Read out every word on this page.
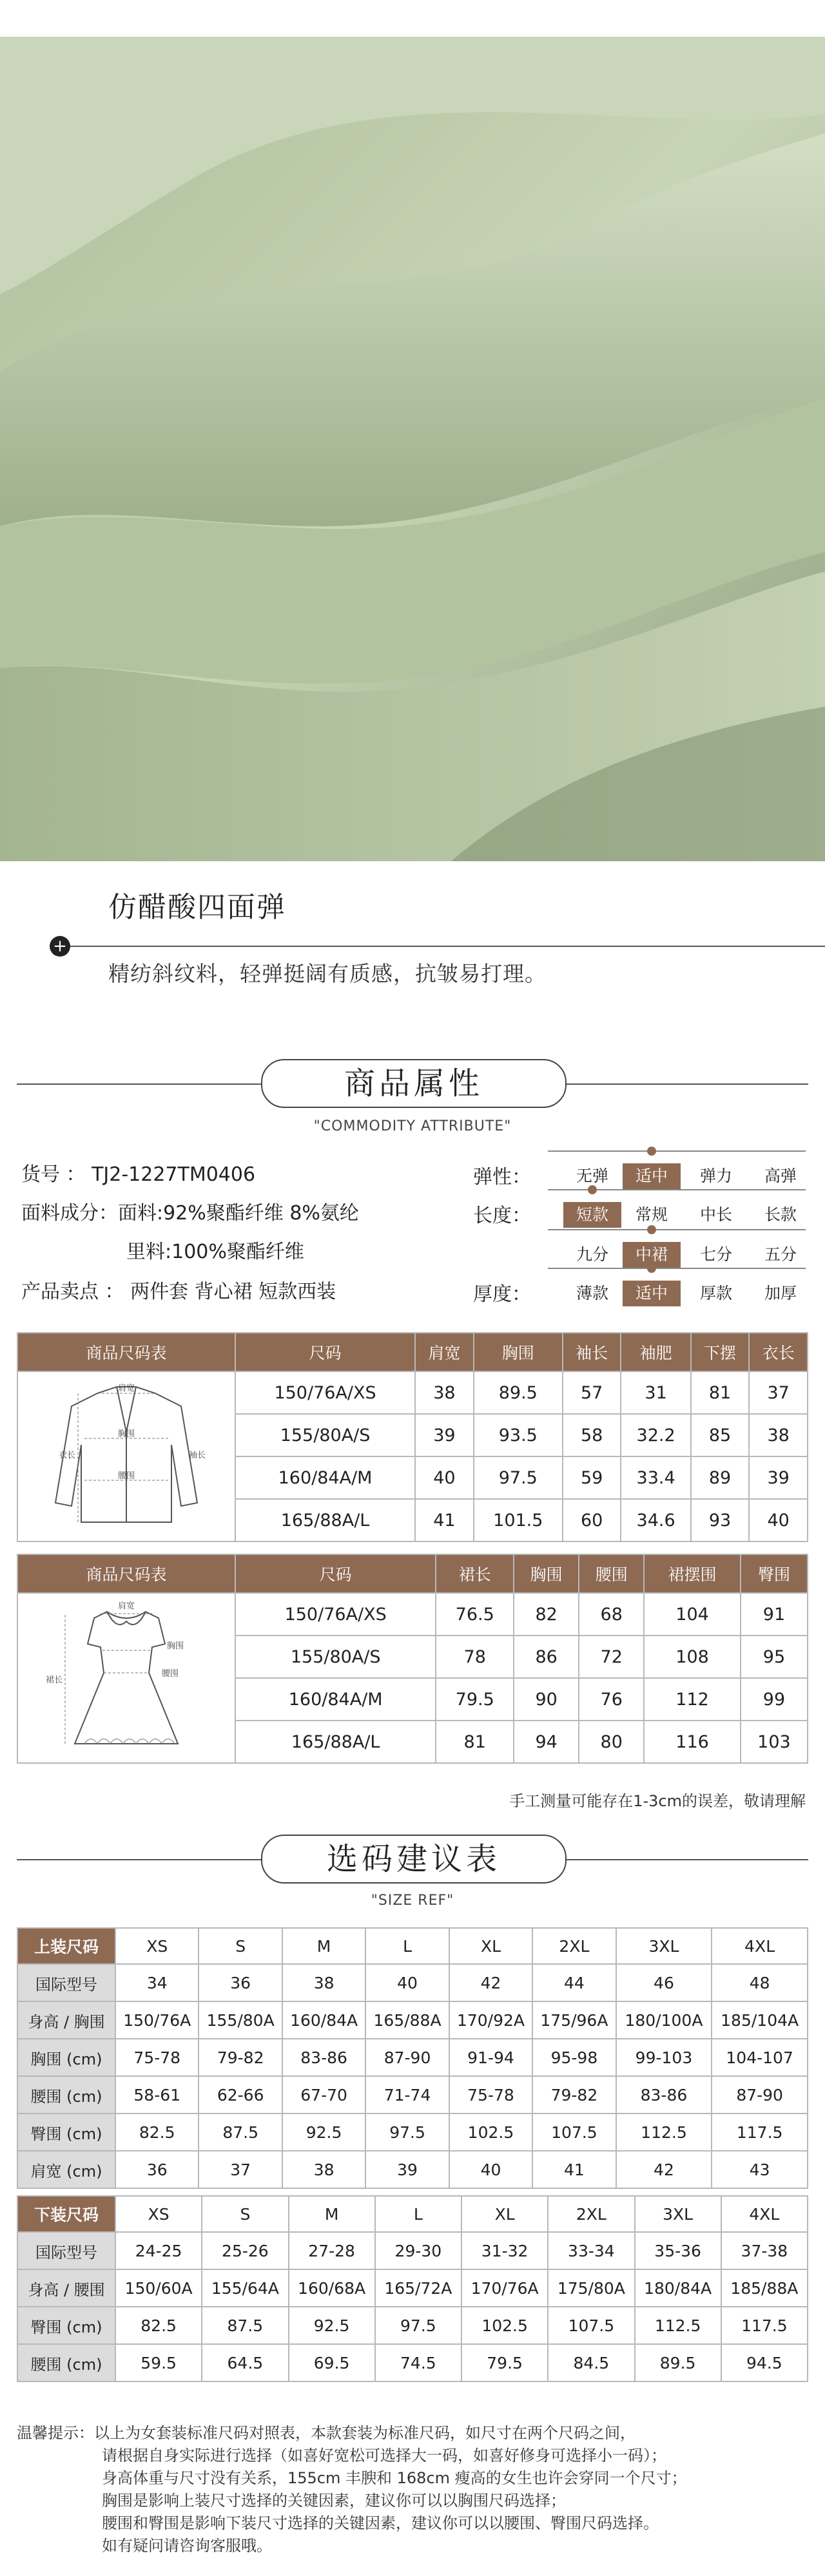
仿醋酸四面弹
+
精纺斜纹料，轻弹挺阔有质感，抗皱易打理。
商品属性
"COMMODITY ATTRIBUTE"
货号 ： TJ2-1227TM0406
面料成分：面料:92%聚酯纤维 8%氨纶
里料:100%聚酯纤维
产品卖点 ： 两件套 背心裙 短款西装
弹性：	无弹	适中	弹力	高弹
长度：	短款	常规	中长	长款
九分	中裙	七分	五分
厚度：	薄款	适中	厚款	加厚
商品尺码表	尺码	肩宽	胸围	袖长	袖肥	下摆	衣长

肩宽
胸围
衣长 袖长
腰围	150/76A/XS	38	89.5	57	31	81	37
	155/80A/S	39	93.5	58	32.2	85	38
	160/84A/M	40	97.5	59	33.4	89	39
	165/88A/L	41	101.5	60	34.6	93	40
商品尺码表	尺码	裙长	胸围	腰围	裙摆围	臀围

肩宽
胸围
腰围
裙长	150/76A/XS	76.5	82	68	104	91
	155/80A/S	78	86	72	108	95
	160/84A/M	79.5	90	76	112	99
	165/88A/L	81	94	80	116	103
手工测量可能存在1-3cm的误差，敬请理解
选码建议表
"SIZE REF"
上装尺码	XS	S	M	L	XL	2XL	3XL	4XL
国际型号	34	36	38	40	42	44	46	48
身高 / 胸围	150/76A	155/80A	160/84A	165/88A	170/92A	175/96A	180/100A	185/104A
胸围 (cm)	75-78	79-82	83-86	87-90	91-94	95-98	99-103	104-107
腰围 (cm)	58-61	62-66	67-70	71-74	75-78	79-82	83-86	87-90
臀围 (cm)	82.5	87.5	92.5	97.5	102.5	107.5	112.5	117.5
肩宽 (cm)	36	37	38	39	40	41	42	43
下装尺码	XS	S	M	L	XL	2XL	3XL	4XL
国际型号	24-25	25-26	27-28	29-30	31-32	33-34	35-36	37-38
身高 / 腰围	150/60A	155/64A	160/68A	165/72A	170/76A	175/80A	180/84A	185/88A
臀围 (cm)	82.5	87.5	92.5	97.5	102.5	107.5	112.5	117.5
腰围 (cm)	59.5	64.5	69.5	74.5	79.5	84.5	89.5	94.5
温馨提示：以上为女套装标准尺码对照表，本款套装为标准尺码，如尺寸在两个尺码之间，
请根据自身实际进行选择（如喜好宽松可选择大一码，如喜好修身可选择小一码）；
身高体重与尺寸没有关系，155cm 丰腴和 168cm 瘦高的女生也许会穿同一个尺寸；
胸围是影响上装尺寸选择的关键因素，建议你可以以胸围尺码选择；
腰围和臀围是影响下装尺寸选择的关键因素，建议你可以以腰围、臀围尺码选择。
如有疑问请咨询客服哦。
